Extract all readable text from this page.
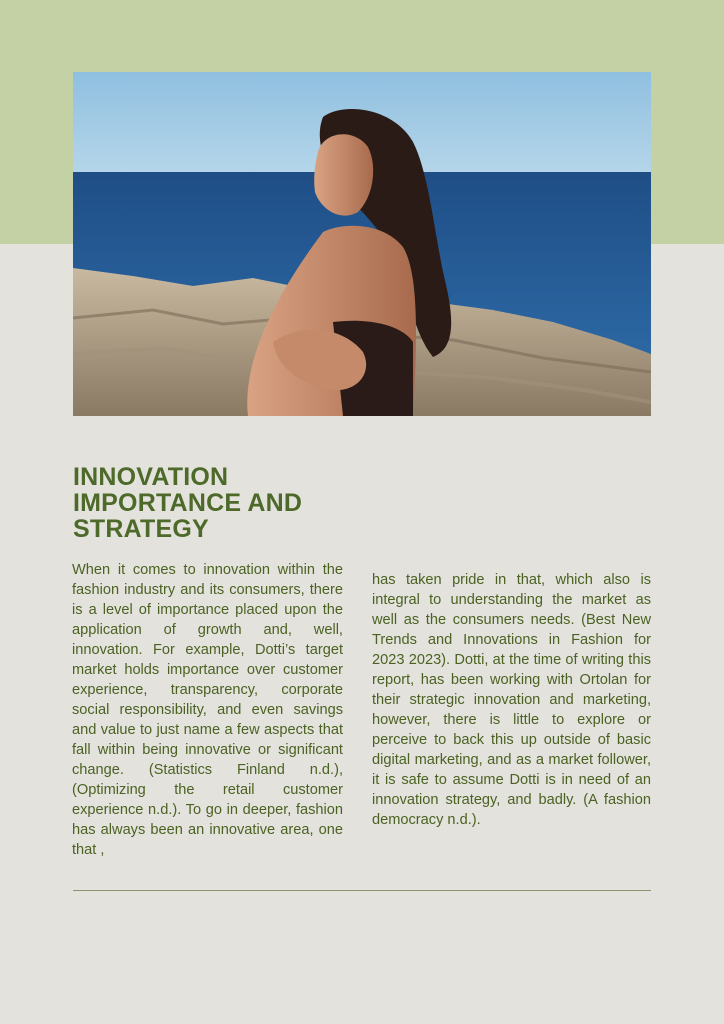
INNOVATION
IMPORTANCE AND
STRATEGY

When it comes to innovation within the fashion industry and its consumers, there is a level of importance placed upon the application of growth and, well, innovation. For example, Dotti’s target market holds importance over customer experience, transparency, corporate social responsibility, and even savings and value to just name a few aspects that fall within being innovative or significant change. (Statistics Finland n.d.), (Optimizing the retail customer experience n.d.). To go in deeper, fashion has always been an innovative area, one that ,

has taken pride in that, which also is integral to understanding the market as well as the consumers needs. (Best New Trends and Innovations in Fashion for 2023 2023). Dotti, at the time of writing this report, has been working with Ortolan for their strategic innovation and marketing, however, there is little to explore or perceive to back this up outside of basic digital marketing, and as a market follower, it is safe to assume Dotti is in need of an innovation strategy, and badly. (A fashion democracy n.d.).
